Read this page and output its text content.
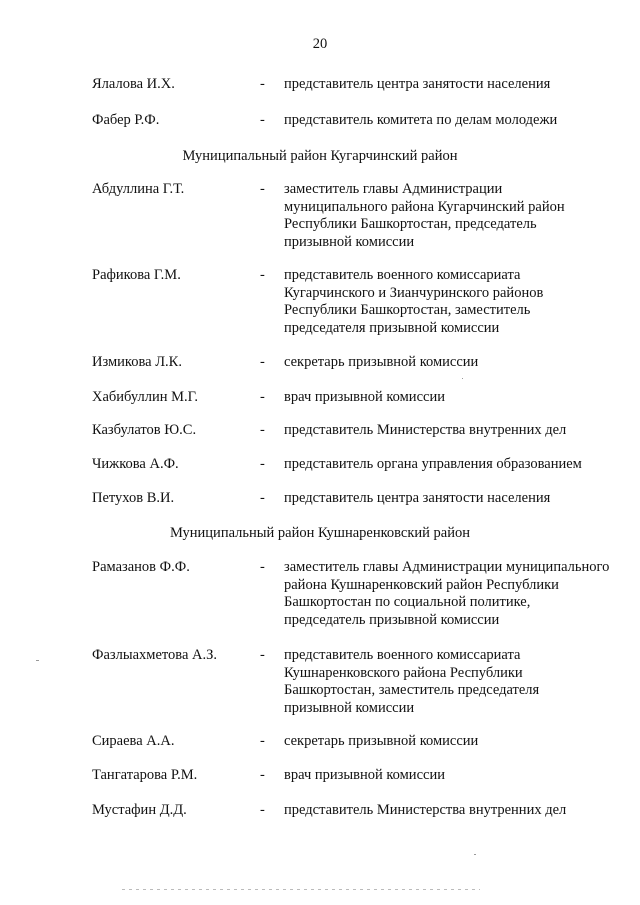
20
Ялалова И.Х.	- представитель центра занятости населения
Фабер Р.Ф.	- представитель комитета по делам молодежи
Муниципальный район Кугарчинский район
Абдуллина Г.Т.	- заместитель главы Администрации муниципального района Кугарчинский район Республики Башкортостан, председатель призывной комиссии
Рафикова Г.М.	- представитель военного комиссариата Кугарчинского и Зианчуринского районов Республики Башкортостан, заместитель председателя призывной комиссии
Измикова Л.К.	- секретарь призывной комиссии
Хабибуллин М.Г.	- врач призывной комиссии
Казбулатов Ю.С.	- представитель Министерства внутренних дел
Чижкова А.Ф.	- представитель органа управления образованием
Петухов В.И.	- представитель центра занятости населения
Муниципальный район Кушнаренковский район
Рамазанов Ф.Ф.	- заместитель главы Администрации муниципального района Кушнаренковский район Республики Башкортостан по социальной политике, председатель призывной комиссии
Фазлыахметова А.З.	- представитель военного комиссариата Кушнаренковского района Республики Башкортостан, заместитель председателя призывной комиссии
Сираева А.А.	- секретарь призывной комиссии
Тангатарова Р.М.	- врач призывной комиссии
Мустафин Д.Д.	- представитель Министерства внутренних дел
